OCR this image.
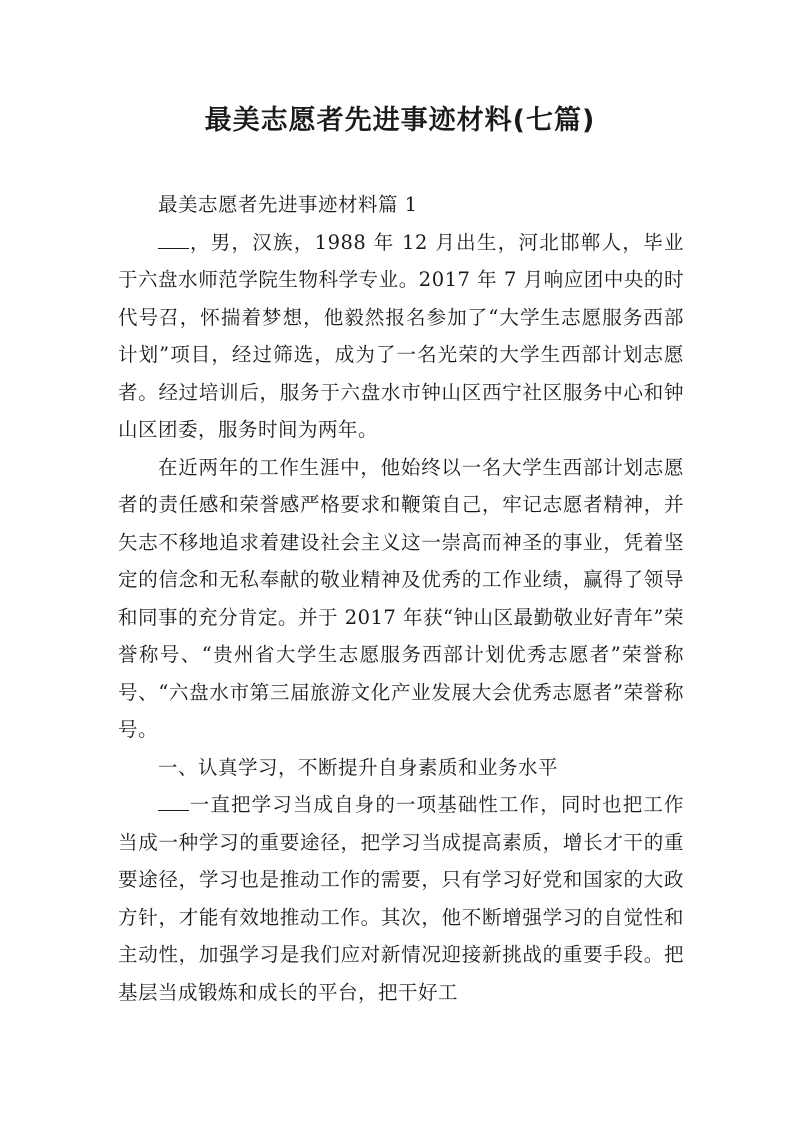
最美志愿者先进事迹材料(七篇)

最美志愿者先进事迹材料篇 1

，男，汉族，1988 年 12 月出生，河北邯郸人，毕业于六盘水师范学院生物科学专业。2017 年 7 月响应团中央的时代号召，怀揣着梦想，他毅然报名参加了“大学生志愿服务西部计划”项目，经过筛选，成为了一名光荣的大学生西部计划志愿者。经过培训后，服务于六盘水市钟山区西宁社区服务中心和钟山区团委，服务时间为两年。

在近两年的工作生涯中，他始终以一名大学生西部计划志愿者的责任感和荣誉感严格要求和鞭策自己，牢记志愿者精神，并矢志不移地追求着建设社会主义这一崇高而神圣的事业，凭着坚定的信念和无私奉献的敬业精神及优秀的工作业绩，赢得了领导和同事的充分肯定。并于 2017 年获“钟山区最勤敬业好青年”荣誉称号、“贵州省大学生志愿服务西部计划优秀志愿者”荣誉称号、“六盘水市第三届旅游文化产业发展大会优秀志愿者”荣誉称号。

一、认真学习，不断提升自身素质和业务水平

一直把学习当成自身的一项基础性工作，同时也把工作当成一种学习的重要途径，把学习当成提高素质，增长才干的重要途径，学习也是推动工作的需要，只有学习好党和国家的大政方针，才能有效地推动工作。其次，他不断增强学习的自觉性和主动性，加强学习是我们应对新情况迎接新挑战的重要手段。把基层当成锻炼和成长的平台，把干好工
